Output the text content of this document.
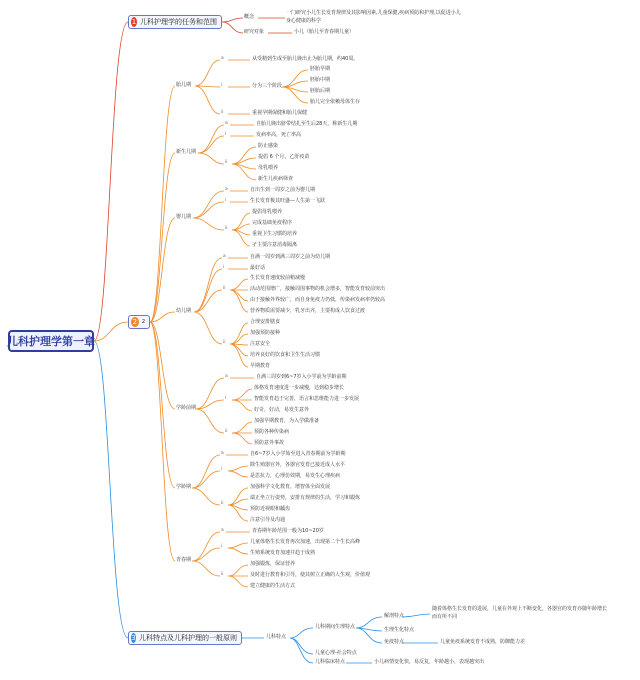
儿科护理学第一章
1 儿科护理学的任务和范围
2 2
3 儿科特点及儿科护理的一般原则
概念
一门研究小儿生长发育规律及其影响因素,儿童保健,疾病预防和护理,以促进小儿
身心健康的科学
研究对象	小儿（胎儿至青春期儿童）
胎儿期
新生儿期
婴儿期
幼儿期
学龄前期
学龄期
青春期
a
i
ii
从受精到生成至胎儿娩出止为胎儿期，约40周。
分为三个阶段
胚胎早期
胚胎中期
胚胎后期
胎儿完全依赖母体生存
重视孕期保健和胎儿保健
a
i
ii
自胎儿娩出脐带结扎至生后28天，称新生儿期
发病率高，死亡率高
防止感染
提倡 6 个月，乙肝疫苗
母乳喂养
新生儿疾病筛查
a
i
ii
自出生到一周岁之前为婴儿期
生长发育极其旺盛—人生第一飞跃
提倡母乳喂养
完成基础免疫程序
重视卫生习惯的培养
孑主要注意消毒隔离
a
i
ii
ii
自满一周岁到满三周岁之前为幼儿期
最好话
生长发育速度较前稍减慢
活动范围增广，接触周围事物的机会增多，智能发育较前突出
由于接触外界较广，而自身免疫力仍低，传染病发病率仍较高
营养物质需要减少，乳牙出齐，主要构成人饮食过渡
合理安排膳食
加强预防接种
注意安全
培养良好的饮食和卫生生活习惯
早期教育
a
i
ii
自满三周岁到6~7岁入小学前为学龄前期
体格发育速度进一步减慢，达到稳步增长
智能发育趋于完善，语言和思维能力进一步发展
好奇，好动，易发生意外
加强早期教育，为入学做准备
预防各种传染病
预防意外事故
a
i
ii
自6~7岁入小学始至进入青春期前为学龄期
除生殖器官外，各器官发育已接近成人水平
是思抗力，心理仿效期，易发生心理疾病
加强科学文化教育，增智体全面发展
端正坐立行姿势，安排有规律的生活，学习和锻炼
预防近视眼和龋齿
注意引导及沟通
a
i
ii
青春期年龄范围一般为10~20岁
儿童体格生长发育再次加速，出现第二个生长高峰
生殖系统发育加速并趋于成熟
加强锻炼，保证营养
及时进行教育和引导，使其树立正确的人生观，价值观
建立健康的生活方式
儿科特点
儿科期间生理特点
解剖特点
随着体格生长发育的进展，儿童在外观上不断变化，各器官的发育亦随年龄增长
而有所不同
生理生化特点
免疫特点	儿童免疫系统发育不成熟，防御能力差
儿童心理-社会特点
儿科临床特点	小儿病情变化快，易反复，年龄越小，表现越突出
